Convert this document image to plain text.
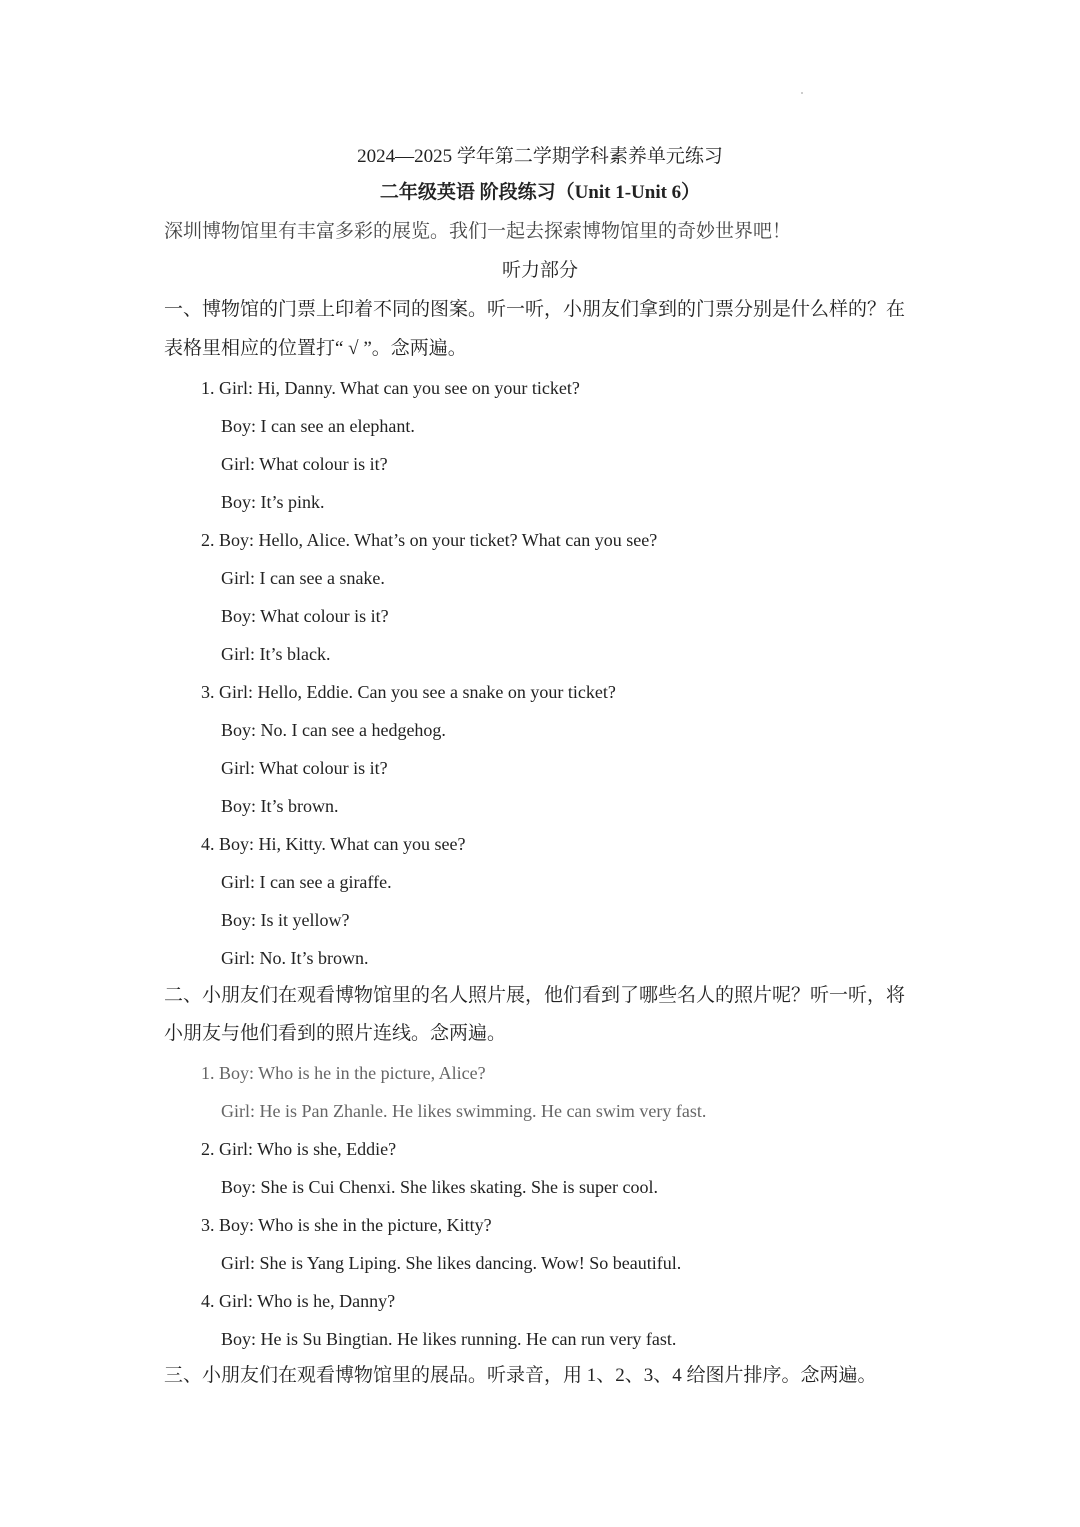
2024—2025 学年第二学期学科素养单元练习
二年级英语 阶段练习（Unit 1-Unit 6）
深圳博物馆里有丰富多彩的展览。我们一起去探索博物馆里的奇妙世界吧！
听力部分
一、博物馆的门票上印着不同的图案。听一听，小朋友们拿到的门票分别是什么样的？在
表格里相应的位置打“ √ ”。念两遍。
1. Girl: Hi, Danny. What can you see on your ticket?
Boy: I can see an elephant.
Girl: What colour is it?
Boy: It’s pink.
2. Boy: Hello, Alice. What’s on your ticket? What can you see?
Girl: I can see a snake.
Boy: What colour is it?
Girl: It’s black.
3. Girl: Hello, Eddie. Can you see a snake on your ticket?
Boy: No. I can see a hedgehog.
Girl: What colour is it?
Boy: It’s brown.
4. Boy: Hi, Kitty. What can you see?
Girl: I can see a giraffe.
Boy: Is it yellow?
Girl: No. It’s brown.
二、小朋友们在观看博物馆里的名人照片展，他们看到了哪些名人的照片呢？听一听，将
小朋友与他们看到的照片连线。念两遍。
1. Boy: Who is he in the picture, Alice?
Girl: He is Pan Zhanle. He likes swimming. He can swim very fast.
2. Girl: Who is she, Eddie?
Boy: She is Cui Chenxi. She likes skating. She is super cool.
3. Boy: Who is she in the picture, Kitty?
Girl: She is Yang Liping. She likes dancing. Wow! So beautiful.
4. Girl: Who is he, Danny?
Boy: He is Su Bingtian. He likes running. He can run very fast.
三、小朋友们在观看博物馆里的展品。听录音，用 1、2、3、4 给图片排序。念两遍。
